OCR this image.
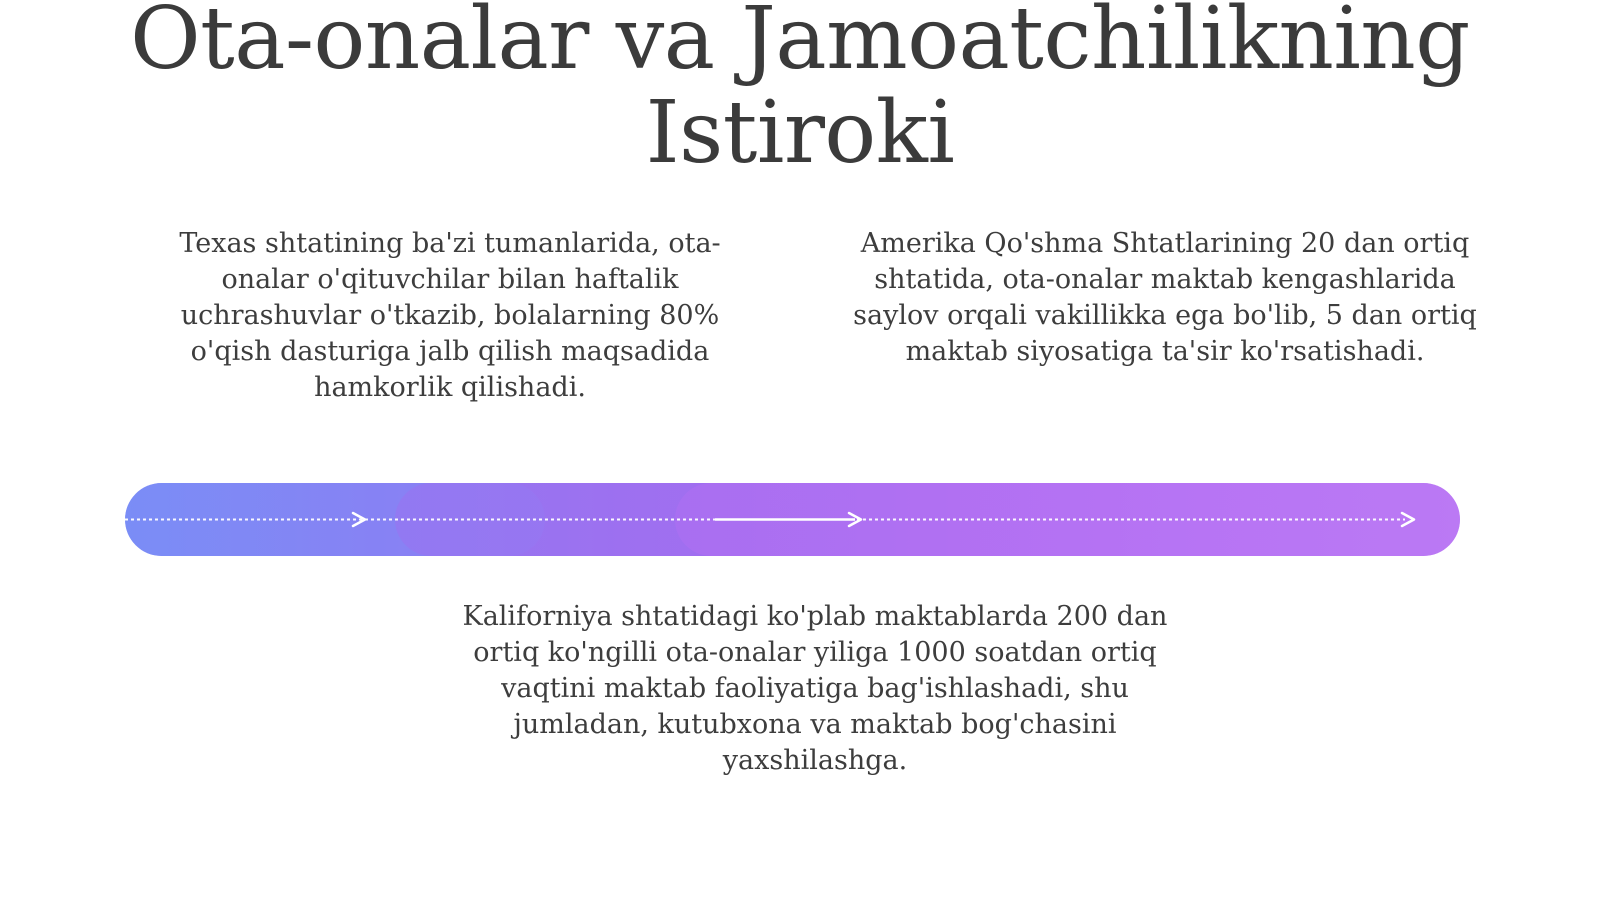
Ota-onalar va Jamoatchilikning Istiroki

Texas shtatining ba'zi tumanlarida, ota-onalar o'qituvchilar bilan haftalik uchrashuvlar o'tkazib, bolalarning 80% o'qish dasturiga jalb qilish maqsadida hamkorlik qilishadi.

Amerika Qo'shma Shtatlarining 20 dan ortiq shtatida, ota-onalar maktab kengashlarida saylov orqali vakillikka ega bo'lib, 5 dan ortiq maktab siyosatiga ta'sir ko'rsatishadi.

Kaliforniya shtatidagi ko'plab maktablarda 200 dan ortiq ko'ngilli ota-onalar yiliga 1000 soatdan ortiq vaqtini maktab faoliyatiga bag'ishlashadi, shu jumladan, kutubxona va maktab bog'chasini yaxshilashga.
